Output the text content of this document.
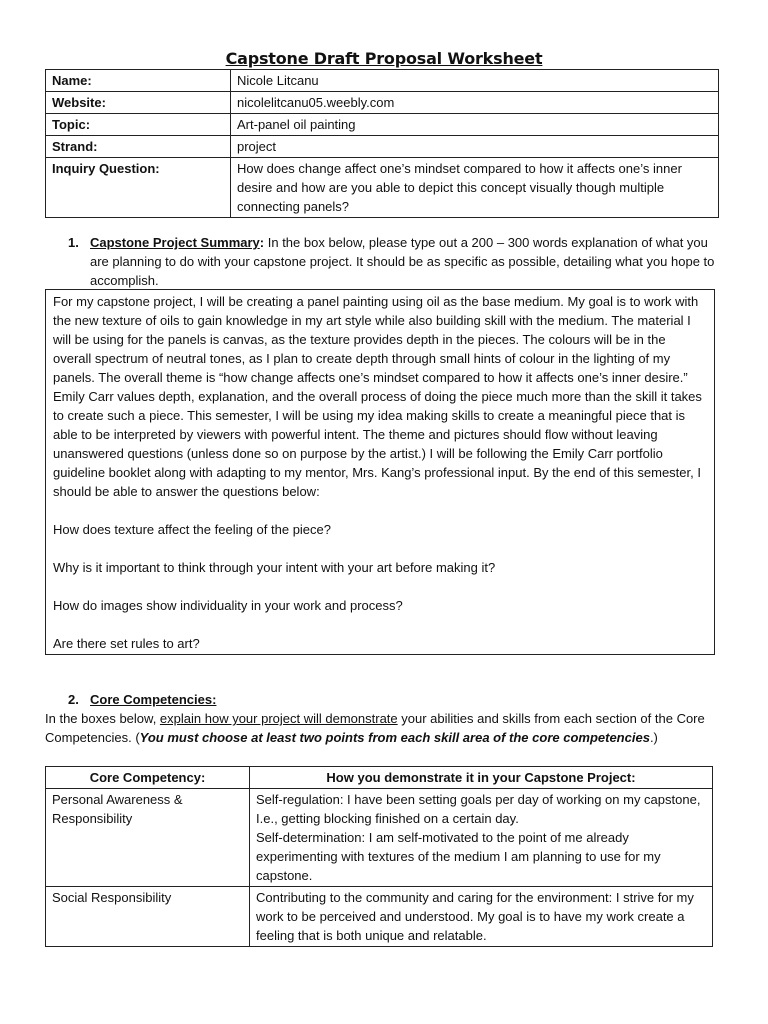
Capstone Draft Proposal Worksheet
Name:	Nicole Litcanu
Website:	nicolelitcanu05.weebly.com
Topic:	Art-panel oil painting
Strand:	project
Inquiry Question:	How does change affect one’s mindset compared to how it affects one’s inner desire and how are you able to depict this concept visually though multiple connecting panels?
1. Capstone Project Summary: In the box below, please type out a 200 – 300 words explanation of what you are planning to do with your capstone project. It should be as specific as possible, detailing what you hope to accomplish.

For my capstone project, I will be creating a panel painting using oil as the base medium. My goal is to work with the new texture of oils to gain knowledge in my art style while also building skill with the medium. The material I will be using for the panels is canvas, as the texture provides depth in the pieces. The colours will be in the overall spectrum of neutral tones, as I plan to create depth through small hints of colour in the lighting of my panels. The overall theme is “how change affects one’s mindset compared to how it affects one’s inner desire.” Emily Carr values depth, explanation, and the overall process of doing the piece much more than the skill it takes to create such a piece. This semester, I will be using my idea making skills to create a meaningful piece that is able to be interpreted by viewers with powerful intent. The theme and pictures should flow without leaving unanswered questions (unless done so on purpose by the artist.) I will be following the Emily Carr portfolio guideline booklet along with adapting to my mentor, Mrs. Kang’s professional input. By the end of this semester, I should be able to answer the questions below:

How does texture affect the feeling of the piece?

Why is it important to think through your intent with your art before making it?

How do images show individuality in your work and process?

Are there set rules to art?

2. Core Competencies:
In the boxes below, explain how your project will demonstrate your abilities and skills from each section of the Core Competencies. (You must choose at least two points from each skill area of the core competencies.)
Core Competency:	How you demonstrate it in your Capstone Project:
Personal Awareness & Responsibility	Self-regulation: I have been setting goals per day of working on my capstone, I.e., getting blocking finished on a certain day.
Self-determination: I am self-motivated to the point of me already experimenting with textures of the medium I am planning to use for my capstone.

Social Responsibility	Contributing to the community and caring for the environment: I strive for my work to be perceived and understood. My goal is to have my work create a feeling that is both unique and relatable.
